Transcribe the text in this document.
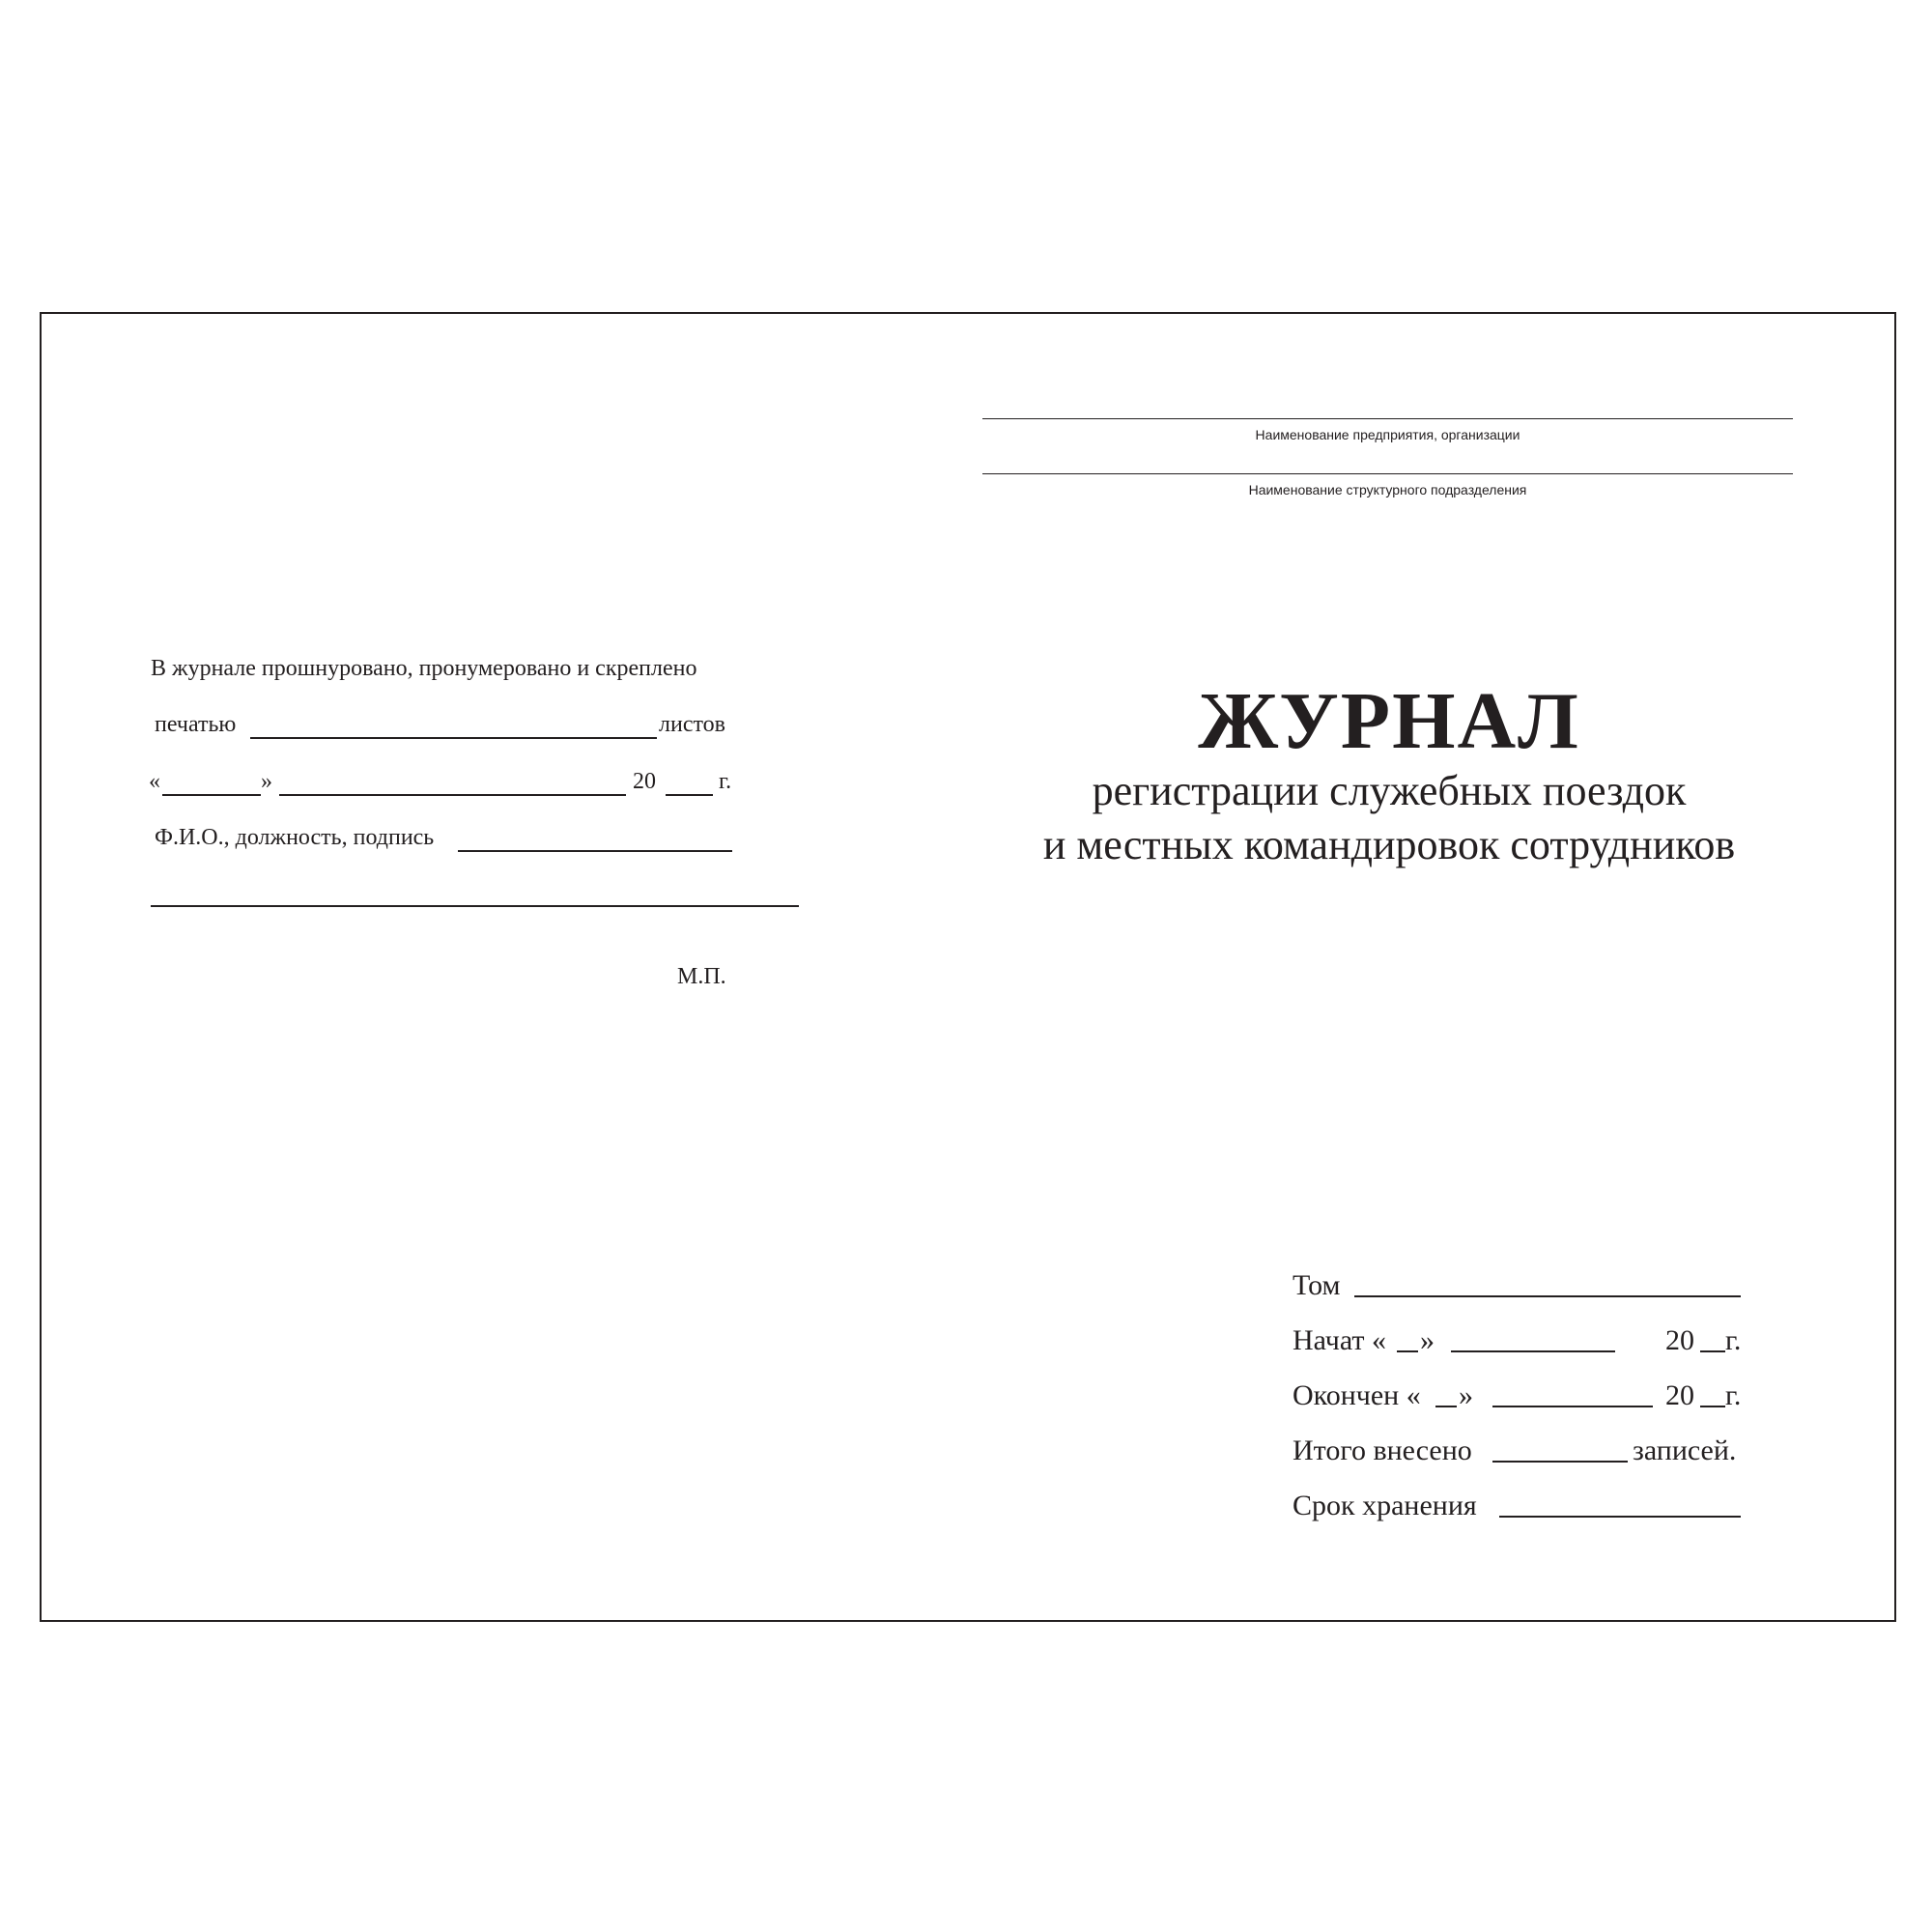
Наименование предприятия, организации
Наименование структурного подразделения
В журнале прошнуровано, пронумеровано и скреплено
печатью	листов
«	»	20	г.
Ф.И.О., должность, подпись
М.П.
ЖУРНАЛ
регистрации служебных поездок
и местных командировок сотрудников
Том
Начат « »	20 г.
Окончен « »	20 г.
Итого внесено	записей.
Срок хранения
